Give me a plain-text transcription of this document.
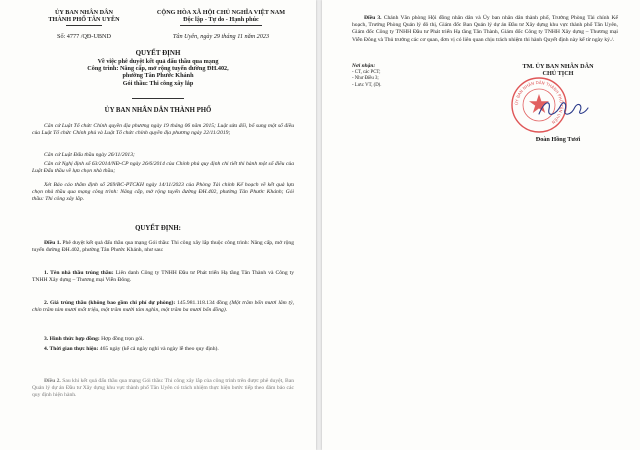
ỦY BAN NHÂN DÂN
THÀNH PHỐ TÂN UYÊN
Số: 4777 /QĐ-UBND
CỘNG HÒA XÃ HỘI CHỦ NGHĨA VIỆT NAM
Độc lập - Tự do - Hạnh phúc
Tân Uyên, ngày 29 tháng 11 năm 2023
QUYẾT ĐỊNH
Về việc phê duyệt kết quả đấu thầu qua mạng
Công trình: Nâng cấp, mở rộng tuyến đường ĐH.402,
phường Tân Phước Khánh
Gói thầu: Thi công xây lắp
ỦY BAN NHÂN DÂN THÀNH PHỐ
Căn cứ Luật Tổ chức Chính quyền địa phương ngày 19 tháng 06 năm 2015; Luật sửa đổi, bổ sung một số điều của Luật Tổ chức Chính phủ và Luật Tổ chức chính quyền địa phương ngày 22/11/2019;
Căn cứ Luật Đấu thầu ngày 26/11/2013;
Căn cứ Nghị định số 63/2014/NĐ-CP ngày 26/6/2014 của Chính phủ quy định chi tiết thi hành một số điều của Luật Đấu thầu về lựa chọn nhà thầu;
Xét Báo cáo thẩm định số 269/BC-PTCKH ngày 14/11/2023 của Phòng Tài chính Kế hoạch về kết quả lựa chọn nhà thầu qua mạng công trình: Nâng cấp, mở rộng tuyến đường ĐH.402, phường Tân Phước Khánh; Gói thầu: Thi công xây lắp.
QUYẾT ĐỊNH:
Điều 1. Phê duyệt kết quả đấu thầu qua mạng Gói thầu: Thi công xây lắp thuộc công trình: Nâng cấp, mở rộng tuyến đường ĐH.402, phường Tân Phước Khánh, như sau:
1. Tên nhà thầu trúng thầu: Liên danh Công ty TNHH Đầu tư Phát triển Hạ tầng Tân Thành và Công ty TNHH Xây dựng – Thương mại Viễn Đông.
2. Giá trúng thầu (không bao gồm chi phí dự phòng): 145.981.118.134 đồng (Một trăm bốn mươi lăm tỷ, chín trăm tám mươi mốt triệu, một trăm mười tám nghìn, một trăm ba mươi bốn đồng).
3. Hình thức hợp đồng: Hợp đồng trọn gói.
4. Thời gian thực hiện: 465 ngày (kể cả ngày nghỉ và ngày lễ theo quy định).
Điều 2. Sau khi kết quả đấu thầu qua mạng Gói thầu: Thi công xây lắp của công trình trên được phê duyệt, Ban Quản lý dự án Đầu tư Xây dựng khu vực thành phố Tân Uyên có trách nhiệm thực hiện bước tiếp theo đảm bảo các quy định hiện hành.
Điều 3. Chánh Văn phòng Hội đồng nhân dân và Ủy ban nhân dân thành phố, Trưởng Phòng Tài chính Kế hoạch, Trưởng Phòng Quản lý đô thị, Giám đốc Ban Quản lý dự án Đầu tư Xây dựng khu vực thành phố Tân Uyên, Giám đốc Công ty TNHH Đầu tư Phát triển Hạ tầng Tân Thành, Giám đốc Công ty TNHH Xây dựng – Thương mại Viễn Đông và Thủ trưởng các cơ quan, đơn vị có liên quan chịu trách nhiệm thi hành Quyết định này kể từ ngày ký./.
Nơi nhận:
- CT, các PCT;
- Như Điều 3;
- Lưu: VT, (D).
TM. ỦY BAN NHÂN DÂN
CHỦ TỊCH
ỦY BAN NHÂN DÂN THÀNH PHỐ TÂN UYÊN
Đoàn Hồng Tươi
